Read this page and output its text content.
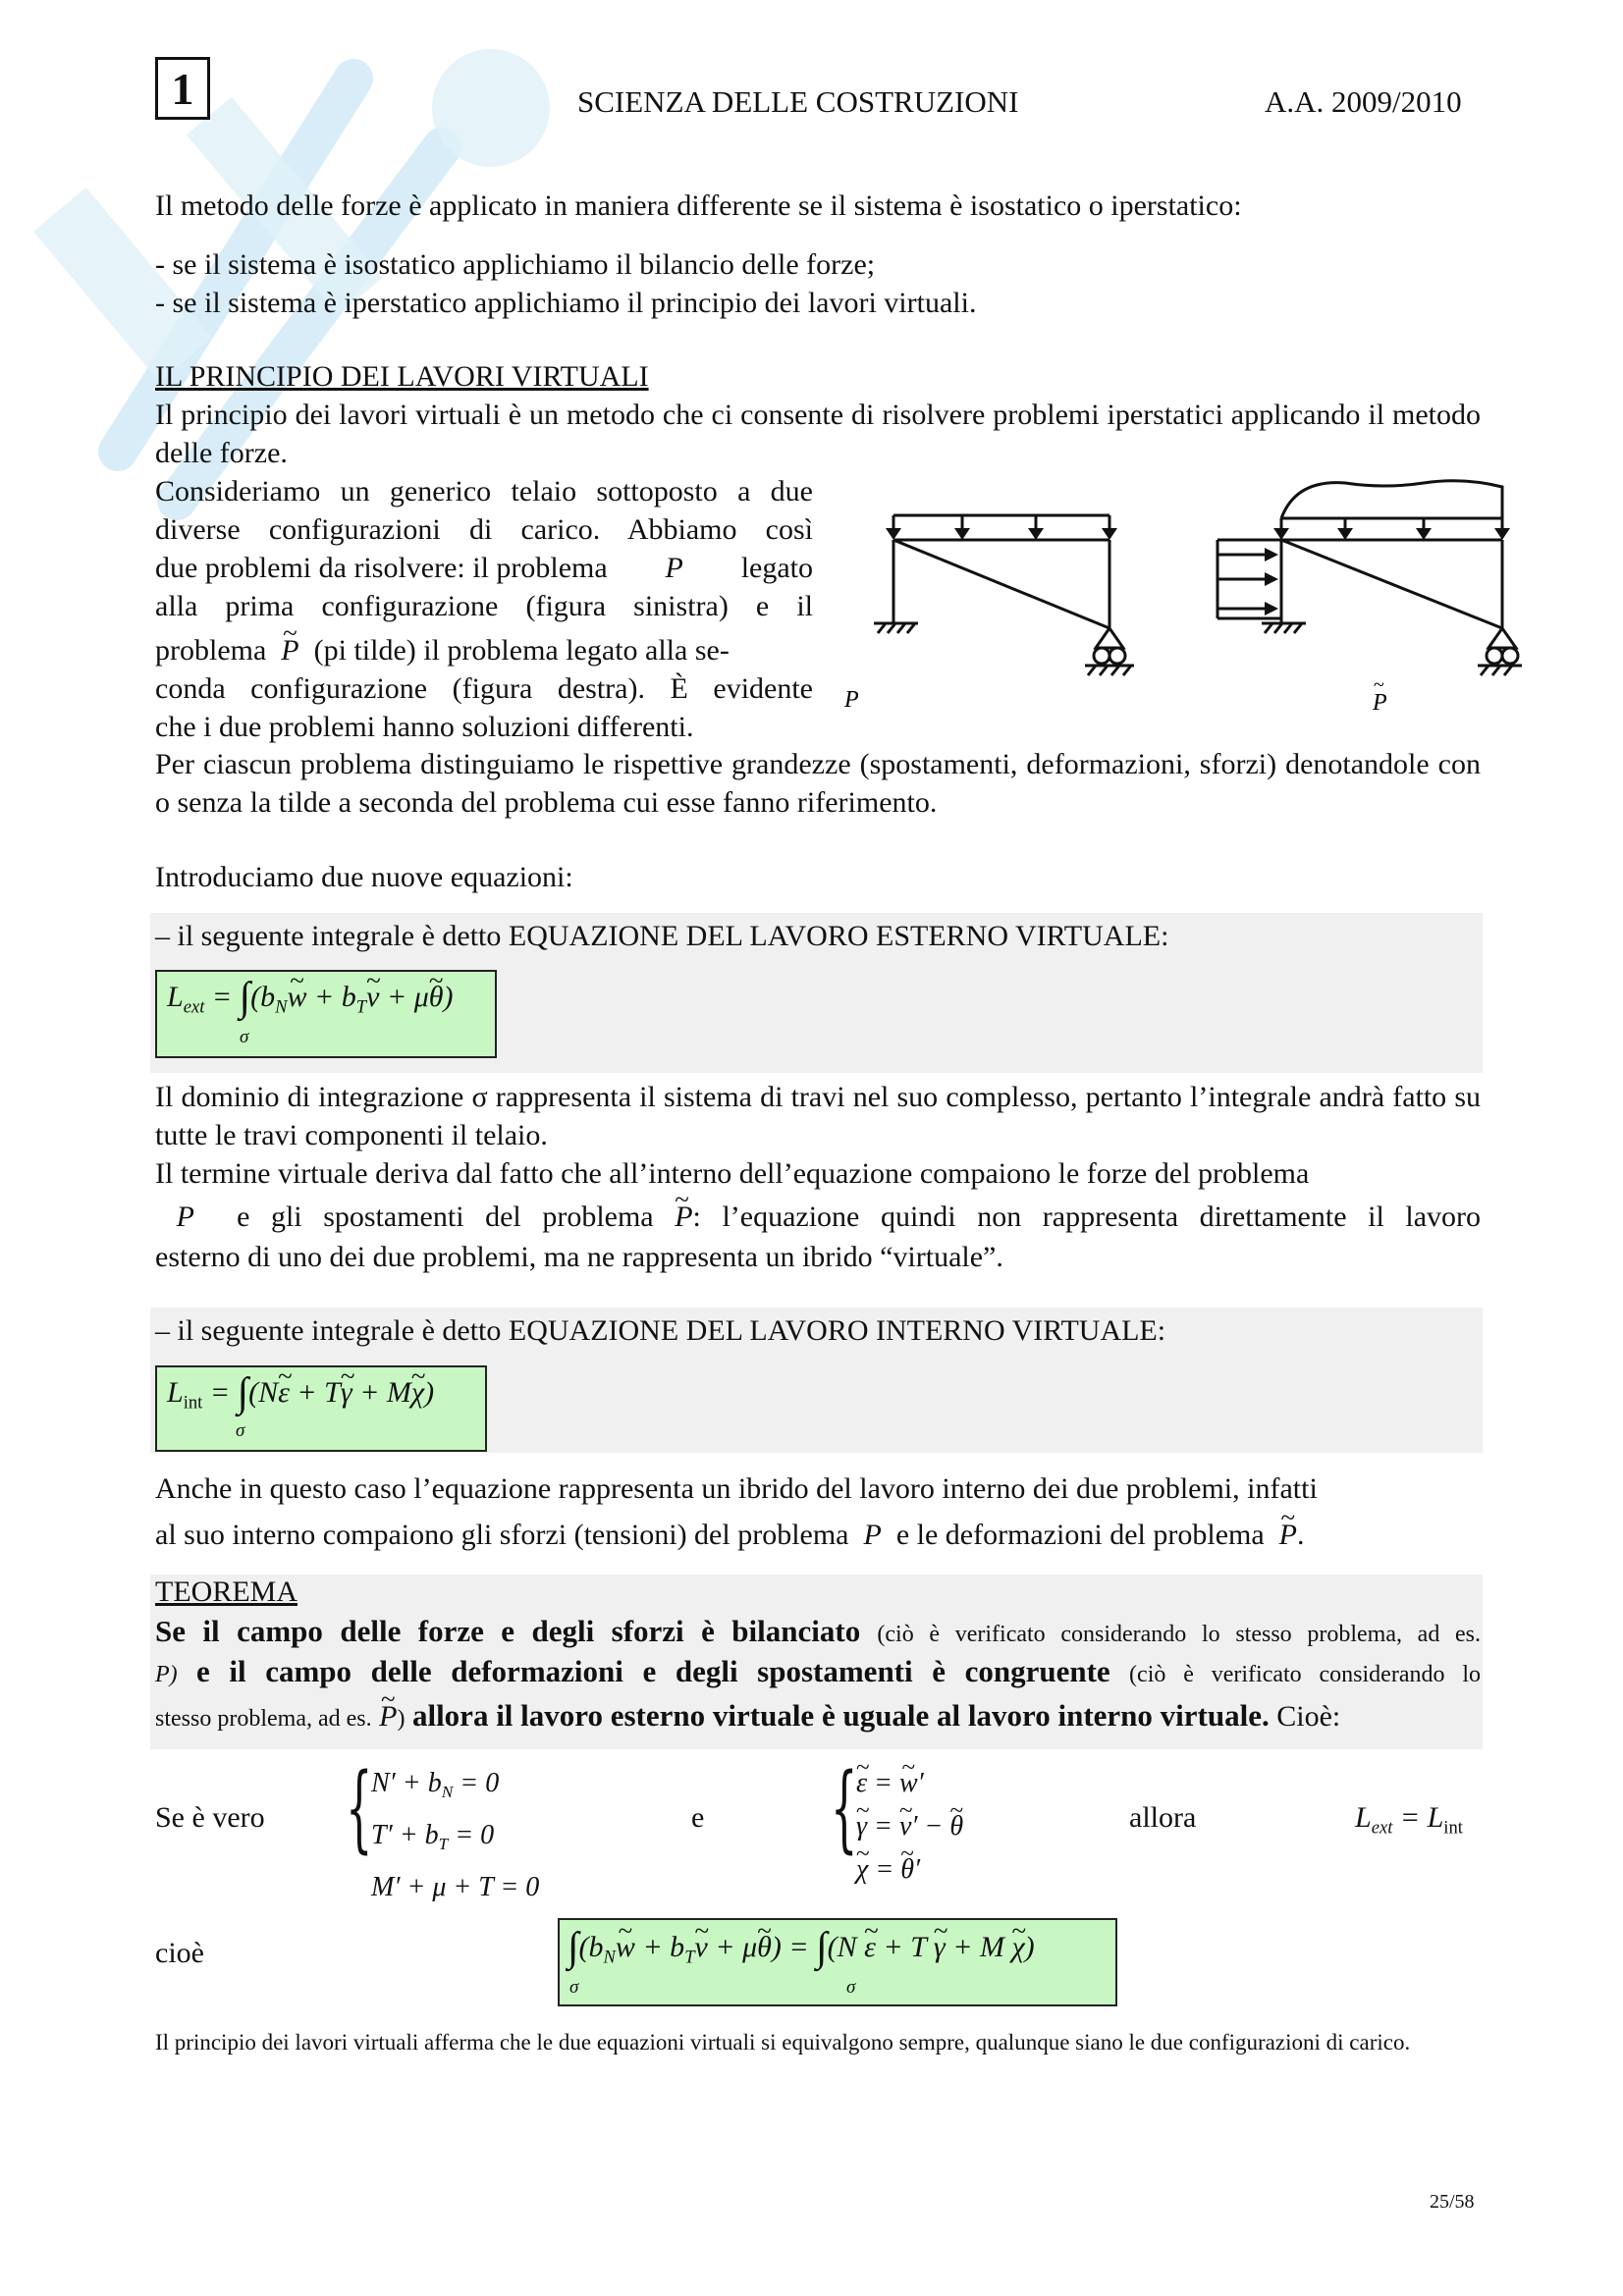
1	SCIENZA DELLE COSTRUZIONI	A.A. 2009/2010

Il metodo delle forze è applicato in maniera differente se il sistema è isostatico o iperstatico:

- se il sistema è isostatico applichiamo il bilancio delle forze;

- se il sistema è iperstatico applichiamo il principio dei lavori virtuali.

IL PRINCIPIO DEI LAVORI VIRTUALI

Il principio dei lavori virtuali è un metodo che ci consente di risolvere problemi iperstatici applicando il metodo delle forze.

Consideriamo un generico telaio sottoposto a due

diverse configurazioni di carico. Abbiamo così

due problemi da risolvere: il problema P legato

alla prima configurazione (figura sinistra) e il

problema ~ P (pi tilde) il problema legato alla se-

conda configurazione (figura destra). È evidente

che i due problemi hanno soluzioni differenti.

P	P
~

Per ciascun problema distinguiamo le rispettive grandezze (spostamenti, deformazioni, sforzi) denotandole con o senza la tilde a seconda del problema cui esse fanno riferimento.

Introduciamo due nuove equazioni:

– il seguente integrale è detto EQUAZIONE DEL LAVORO ESTERNO VIRTUALE:

$L_{ext}$ = $\int(b_N\sim$ $w + b_T\sim$ v + μ~ θ)
σ

Il dominio di integrazione σ rappresenta il sistema di travi nel suo complesso, pertanto l’integrale andrà fatto su tutte le travi componenti il telaio.

Il termine virtuale deriva dal fatto che all’interno dell’equazione compaiono le forze del problema

P  e gli spostamenti del problema ~ P: l’equazione quindi non rappresenta direttamente il lavoro

esterno di uno dei due problemi, ma ne rappresenta un ibrido “virtuale”.

– il seguente integrale è detto EQUAZIONE DEL LAVORO INTERNO VIRTUALE:

$L_{int}$ = ∫(N~ ε + T~ γ + M~ χ)
σ

Anche in questo caso l’equazione rappresenta un ibrido del lavoro interno dei due problemi, infatti

al suo interno compaiono gli sforzi (tensioni) del problema P e le deformazioni del problema ~ P.

TEOREMA

Se il campo delle forze e degli sforzi è bilanciato (ciò è verificato considerando lo stesso problema, ad es.

P) e il campo delle deformazioni e degli spostamenti è congruente (ciò è verificato considerando lo

stesso problema, ad es. ~ P) allora il lavoro esterno virtuale è uguale al lavoro interno virtuale. Cioè:

Se è vero {
$N' + b_N = 0$
$T' + b_T = 0$
M′ + μ + T = 0

e {
~ ε = ~ w′
~ γ = ~ v′ − ~ θ
~ χ = ~ θ′

allora	$L_{ext} = L_{int}$

cioè	$\int(b_N\sim$ $w + b_T\sim$ v + μ~ θ) = ∫(N ~ ε + T ~ γ + M ~ χ)
σ	σ

Il principio dei lavori virtuali afferma che le due equazioni virtuali si equivalgono sempre, qualunque siano le due configurazioni di carico.

25/58
